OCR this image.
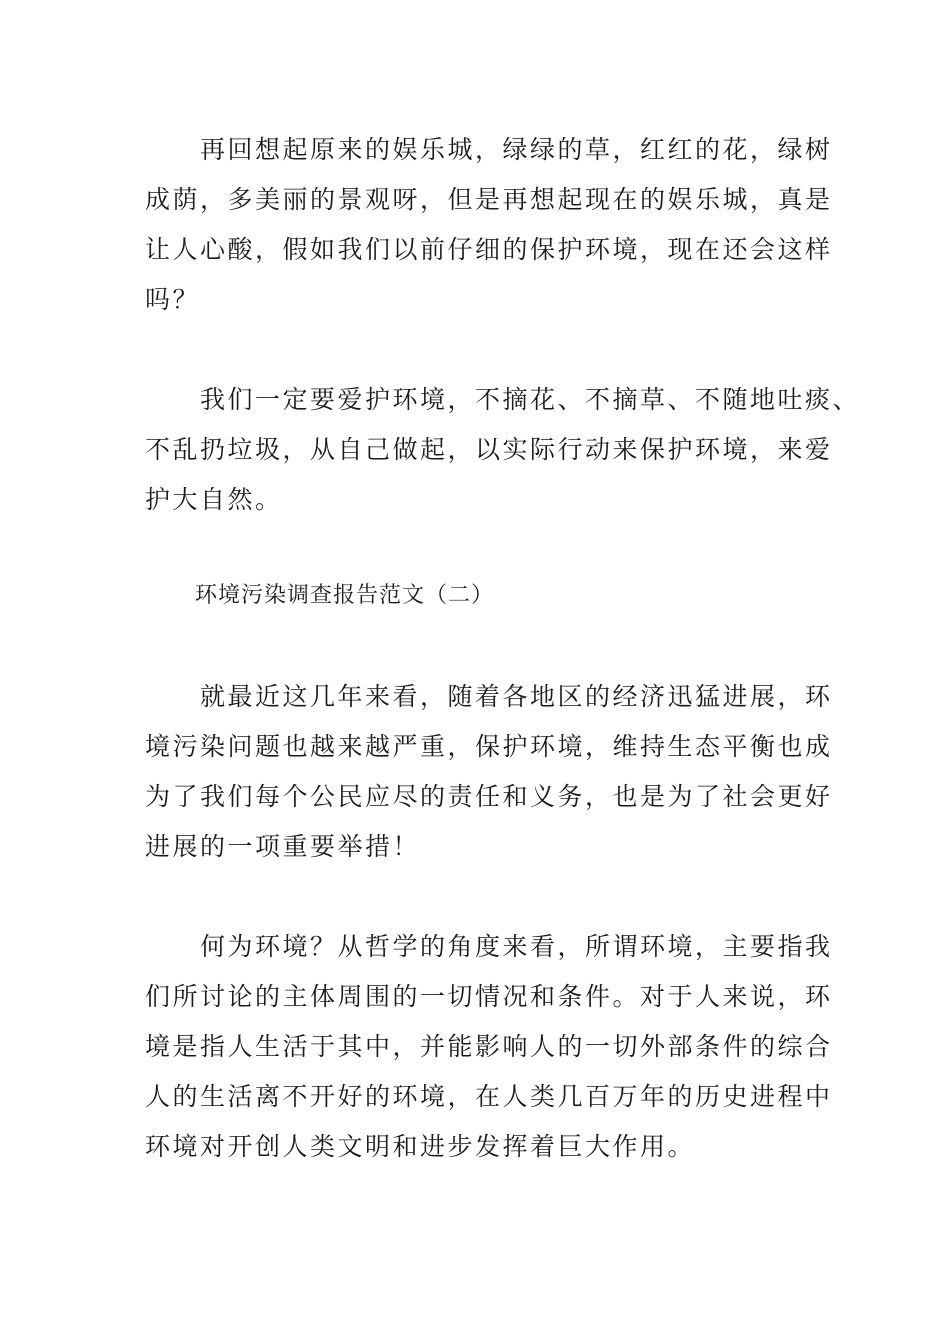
再回想起原来的娱乐城，绿绿的草，红红的花，绿树
成荫，多美丽的景观呀，但是再想起现在的娱乐城，真是
让人心酸，假如我们以前仔细的保护环境，现在还会这样
吗？
我们一定要爱护环境，不摘花、不摘草、不随地吐痰、
不乱扔垃圾，从自己做起，以实际行动来保护环境，来爱
护大自然。
环境污染调查报告范文（二）
就最近这几年来看，随着各地区的经济迅猛进展，环
境污染问题也越来越严重，保护环境，维持生态平衡也成
为了我们每个公民应尽的责任和义务，也是为了社会更好
进展的一项重要举措！
何为环境？从哲学的角度来看，所谓环境，主要指我
们所讨论的主体周围的一切情况和条件。对于人来说，环
境是指人生活于其中，并能影响人的一切外部条件的综合
人的生活离不开好的环境，在人类几百万年的历史进程中
环境对开创人类文明和进步发挥着巨大作用。
